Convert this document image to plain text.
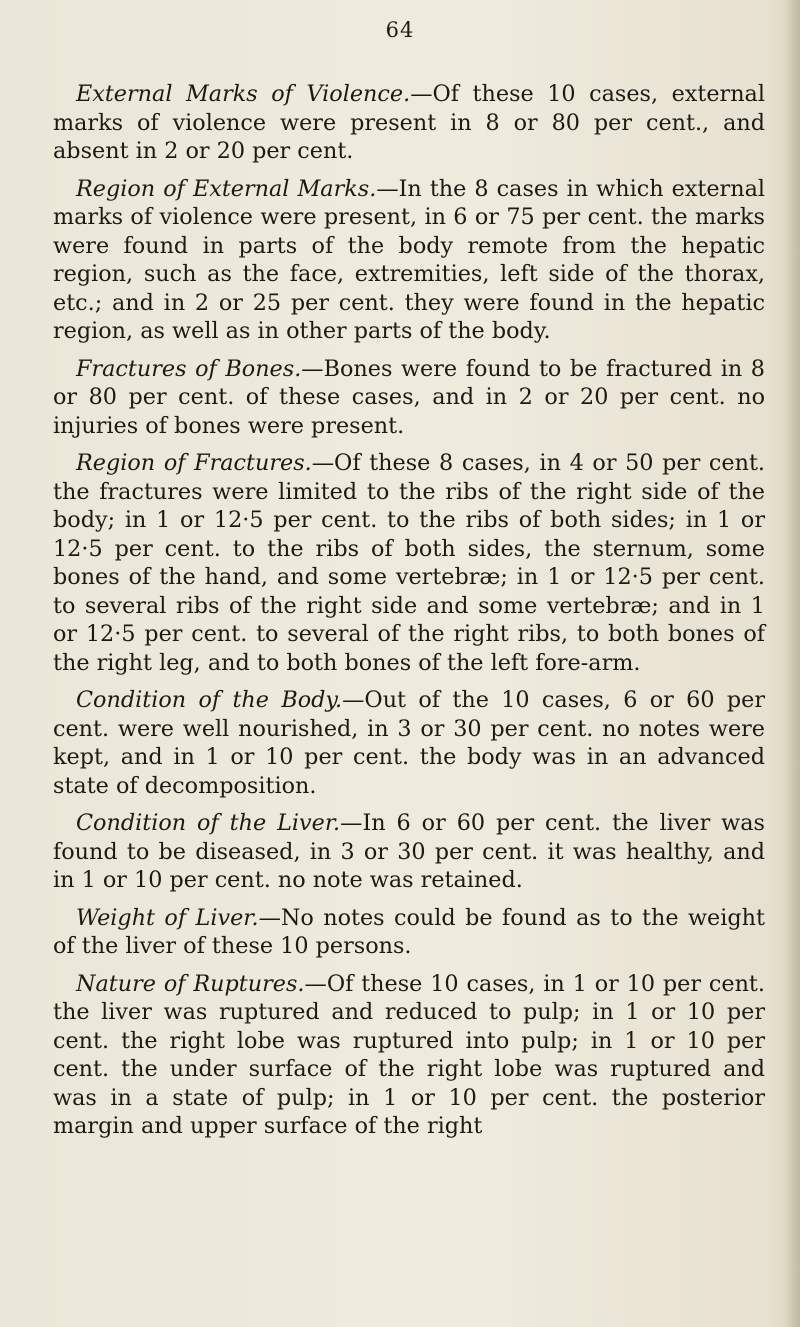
64

External Marks of Violence.—Of these 10 cases, external marks of violence were present in 8 or 80 per cent., and absent in 2 or 20 per cent.

Region of External Marks.—In the 8 cases in which external marks of violence were present, in 6 or 75 per cent. the marks were found in parts of the body remote from the hepatic region, such as the face, extremities, left side of the thorax, etc.; and in 2 or 25 per cent. they were found in the hepatic region, as well as in other parts of the body.

Fractures of Bones.—Bones were found to be fractured in 8 or 80 per cent. of these cases, and in 2 or 20 per cent. no injuries of bones were present.

Region of Fractures.—Of these 8 cases, in 4 or 50 per cent. the fractures were limited to the ribs of the right side of the body; in 1 or 12·5 per cent. to the ribs of both sides; in 1 or 12·5 per cent. to the ribs of both sides, the sternum, some bones of the hand, and some vertebræ; in 1 or 12·5 per cent. to several ribs of the right side and some vertebræ; and in 1 or 12·5 per cent. to several of the right ribs, to both bones of the right leg, and to both bones of the left fore-arm.

Condition of the Body.—Out of the 10 cases, 6 or 60 per cent. were well nourished, in 3 or 30 per cent. no notes were kept, and in 1 or 10 per cent. the body was in an advanced state of decomposition.

Condition of the Liver.—In 6 or 60 per cent. the liver was found to be diseased, in 3 or 30 per cent. it was healthy, and in 1 or 10 per cent. no note was retained.

Weight of Liver.—No notes could be found as to the weight of the liver of these 10 persons.

Nature of Ruptures.—Of these 10 cases, in 1 or 10 per cent. the liver was ruptured and reduced to pulp; in 1 or 10 per cent. the right lobe was ruptured into pulp; in 1 or 10 per cent. the under surface of the right lobe was ruptured and was in a state of pulp; in 1 or 10 per cent. the posterior margin and upper surface of the right
